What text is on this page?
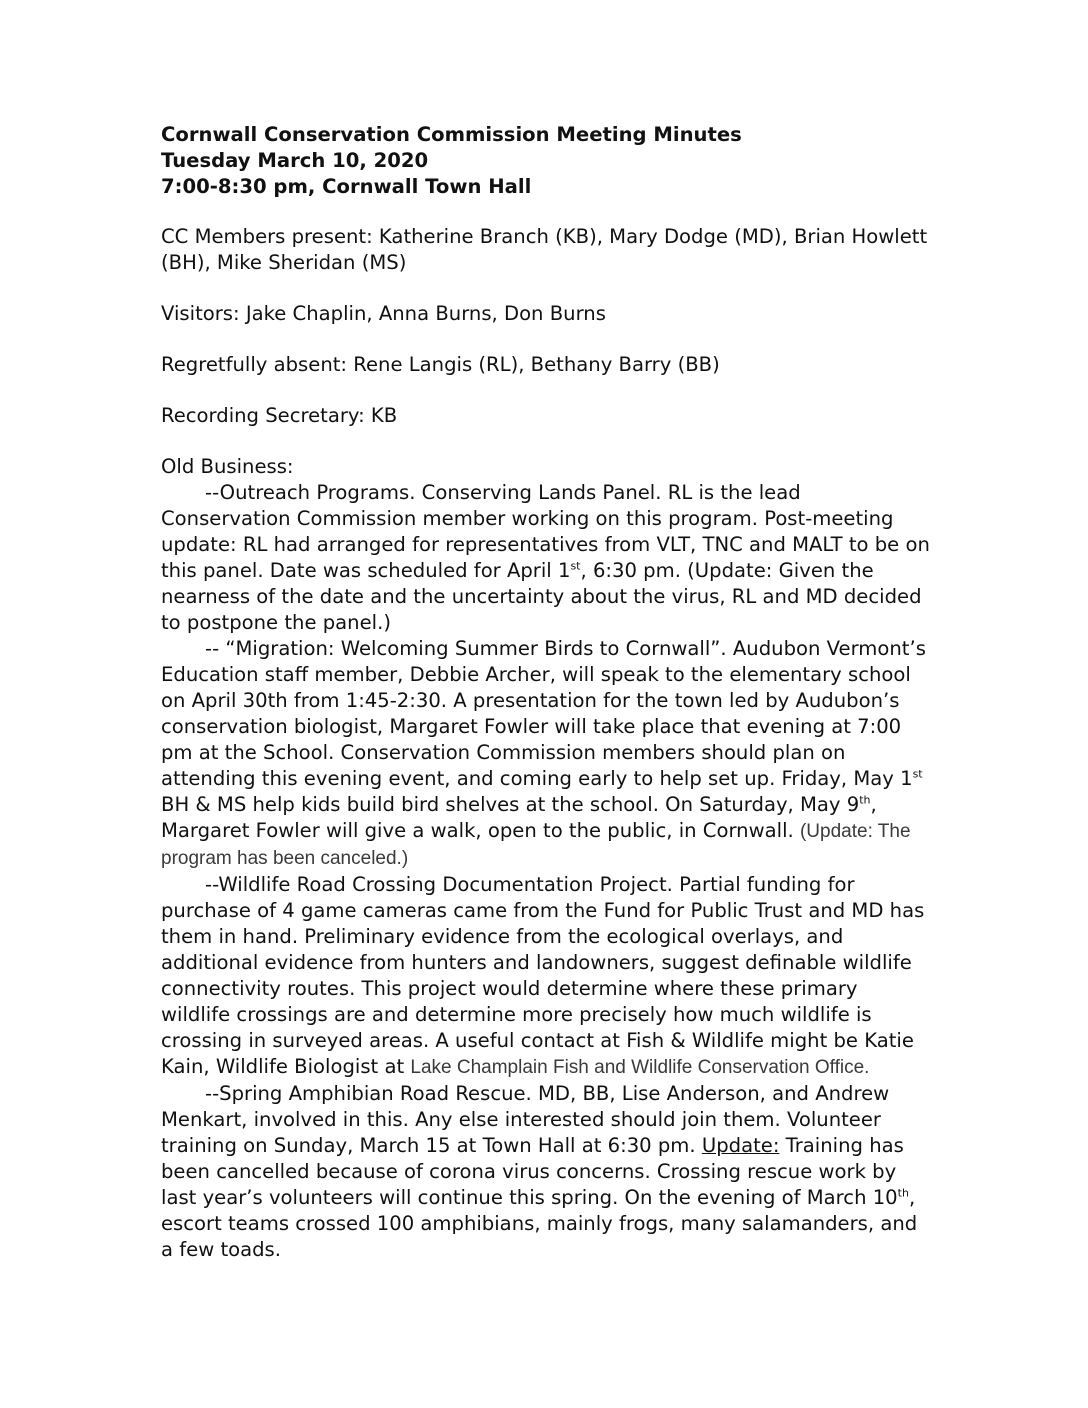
Cornwall Conservation Commission Meeting Minutes

Tuesday March 10, 2020

7:00-8:30 pm, Cornwall Town Hall

CC Members present: Katherine Branch (KB), Mary Dodge (MD), Brian Howlett (BH), Mike Sheridan (MS)

Visitors: Jake Chaplin, Anna Burns, Don Burns

Regretfully absent: Rene Langis (RL), Bethany Barry (BB)

Recording Secretary: KB

Old Business:

--Outreach Programs. Conserving Lands Panel. RL is the lead Conservation Commission member working on this program. Post-meeting update: RL had arranged for representatives from VLT, TNC and MALT to be on this panel. Date was scheduled for April 1st, 6:30 pm. (Update: Given the nearness of the date and the uncertainty about the virus, RL and MD decided to postpone the panel.)

-- “Migration: Welcoming Summer Birds to Cornwall”. Audubon Vermont’s Education staff member, Debbie Archer, will speak to the elementary school on April 30th from 1:45-2:30. A presentation for the town led by Audubon’s conservation biologist, Margaret Fowler will take place that evening at 7:00 pm at the School. Conservation Commission members should plan on attending this evening event, and coming early to help set up. Friday, May 1st BH & MS help kids build bird shelves at the school. On Saturday, May 9th, Margaret Fowler will give a walk, open to the public, in Cornwall. (Update: The program has been canceled.)

--Wildlife Road Crossing Documentation Project. Partial funding for purchase of 4 game cameras came from the Fund for Public Trust and MD has them in hand. Preliminary evidence from the ecological overlays, and additional evidence from hunters and landowners, suggest definable wildlife connectivity routes. This project would determine where these primary wildlife crossings are and determine more precisely how much wildlife is crossing in surveyed areas. A useful contact at Fish & Wildlife might be Katie Kain, Wildlife Biologist at Lake Champlain Fish and Wildlife Conservation Office.

--Spring Amphibian Road Rescue. MD, BB, Lise Anderson, and Andrew Menkart, involved in this. Any else interested should join them. Volunteer training on Sunday, March 15 at Town Hall at 6:30 pm. Update: Training has been cancelled because of corona virus concerns. Crossing rescue work by last year’s volunteers will continue this spring. On the evening of March 10th, escort teams crossed 100 amphibians, mainly frogs, many salamanders, and a few toads.
